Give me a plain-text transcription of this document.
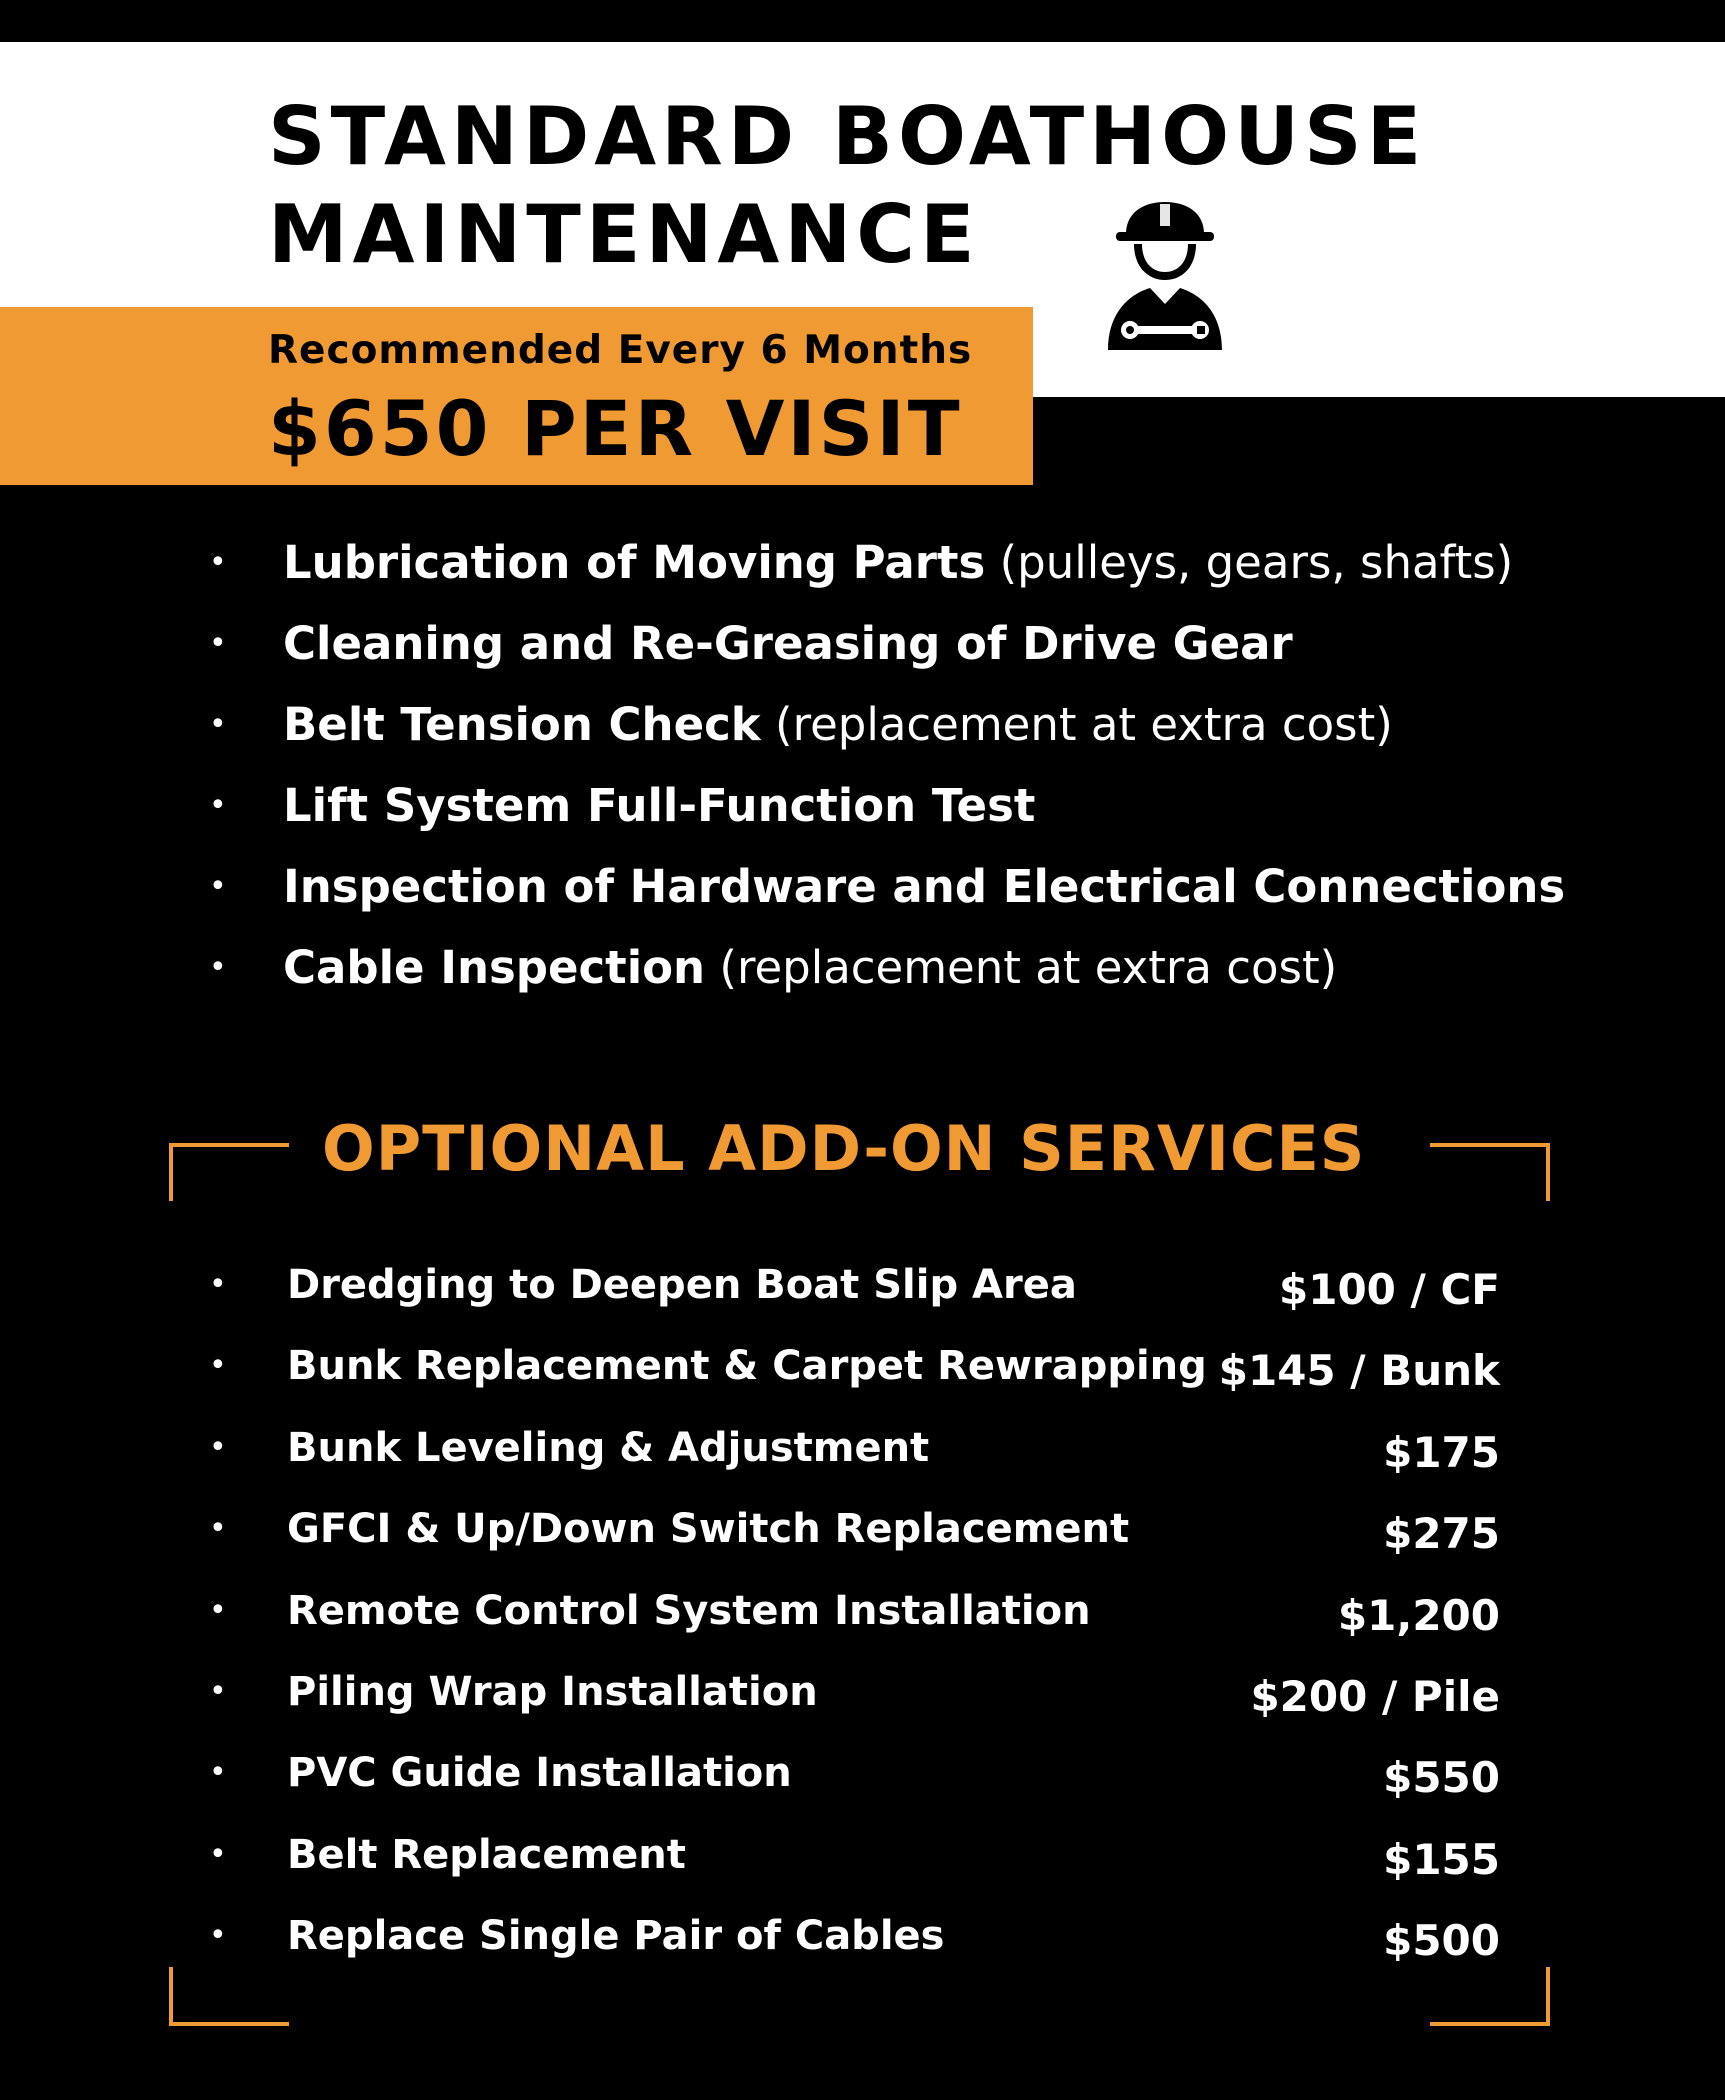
STANDARD BOATHOUSE
MAINTENANCE
Recommended Every 6 Months
$650 PER VISIT
• Lubrication of Moving Parts (pulleys, gears, shafts)
• Cleaning and Re-Greasing of Drive Gear
• Belt Tension Check (replacement at extra cost)
• Lift System Full-Function Test
• Inspection of Hardware and Electrical Connections
• Cable Inspection (replacement at extra cost)
OPTIONAL ADD-ON SERVICES
• Dredging to Deepen Boat Slip Area	$100 / CF
• Bunk Replacement & Carpet Rewrapping $145 / Bunk
• Bunk Leveling & Adjustment	$175
• GFCI & Up/Down Switch Replacement	$275
• Remote Control System Installation	$1,200
• Piling Wrap Installation	$200 / Pile
• PVC Guide Installation	$550
• Belt Replacement	$155
• Replace Single Pair of Cables	$500
